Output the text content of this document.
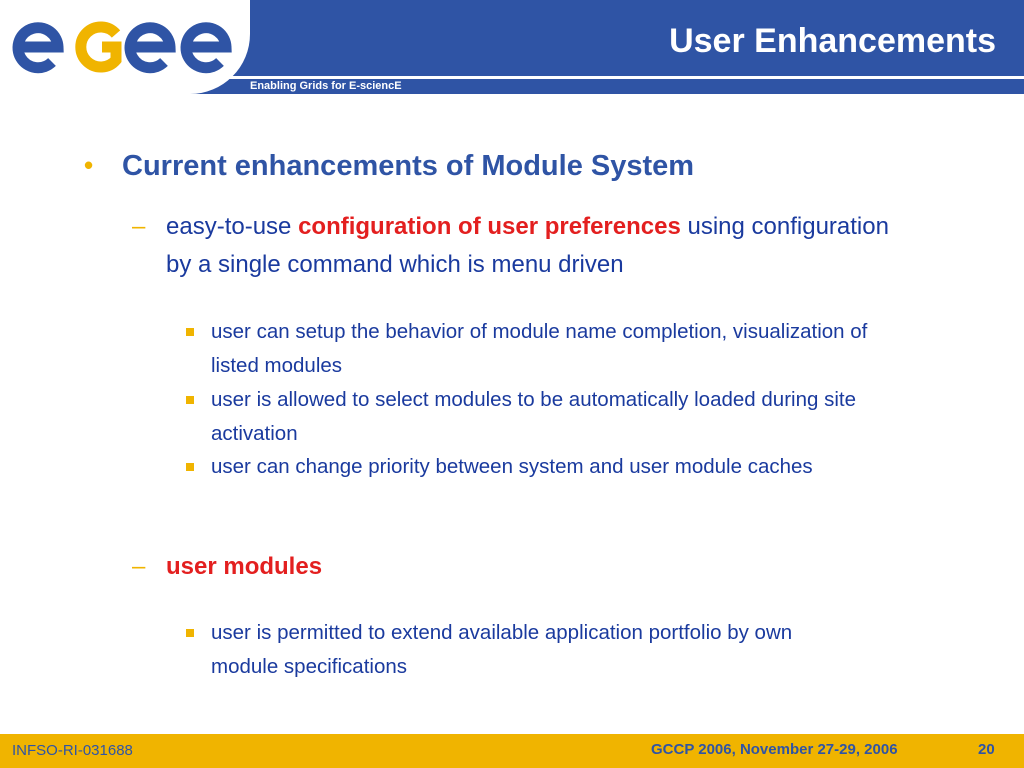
Enabling Grids for E-sciencE
User Enhancements
• Current enhancements of Module System
– easy-to-use configuration of user preferences using configuration by a single command which is menu driven
user can setup the behavior of module name completion, visualization of listed modules
user is allowed to select modules to be automatically loaded during site activation
user can change priority between system and user module caches
– user modules
user is permitted to extend available application portfolio by own module specifications
INFSO-RI-031688	GCCP 2006, November 27-29, 2006	20
